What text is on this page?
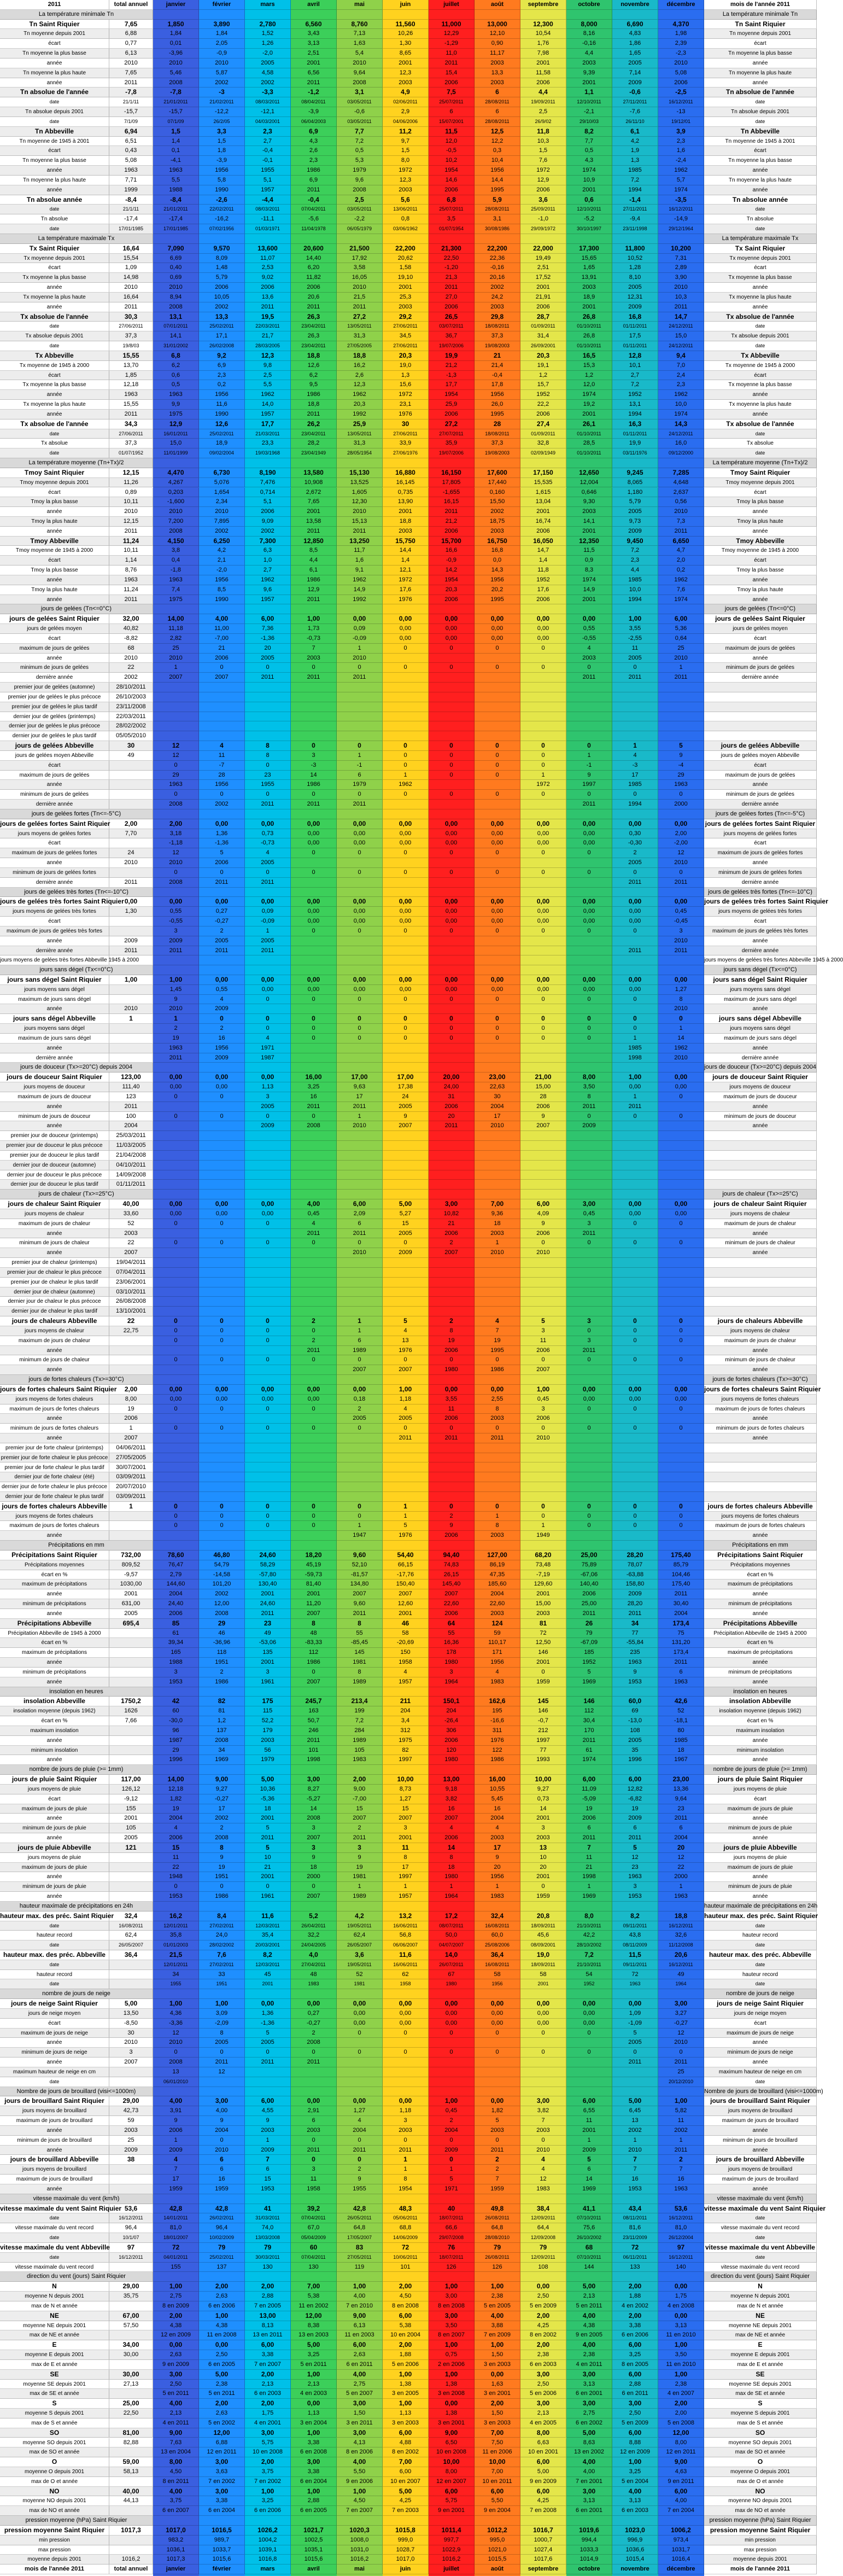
2011	total annuel	janvier	février	mars	avril	mai	juin	juillet	août	septembre	octobre	novembre	décembre	mois de l'année 2011
La température minimale Tn	La température minimale Tn
Tn Saint Riquier	7,65	1,850	3,890	2,780	6,560	8,760	11,560	11,000	13,000	12,300	8,000	6,690	4,370	Tn Saint Riquier
Tn moyenne depuis 2001	6,88	1,84	1,84	1,52	3,43	7,13	10,26	12,29	12,10	10,54	8,16	4,83	1,98	Tn moyenne depuis 2001
écart	0,77	0,01	2,05	1,26	3,13	1,63	1,30	-1,29	0,90	1,76	-0,16	1,86	2,39	écart
Tn moyenne la plus basse	6,13	-3,96	-0,9	-2,0	2,51	5,4	8,65	11,0	11,17	7,98	4,4	1,65	-2,3	Tn moyenne la plus basse
année	2010	2010	2010	2005	2001	2010	2001	2011	2003	2001	2003	2005	2010	année
Tn moyenne la plus haute	7,65	5,46	5,87	4,58	6,56	9,64	12,3	15,4	13,3	11,58	9,39	7,14	5,08	Tn moyenne la plus haute
année	2011	2008	2002	2002	2011	2008	2003	2006	2003	2006	2001	2009	2006	année
Tn absolue de l'année	-7,8	-7,8	-3	-3,3	-1,2	3,1	4,9	7,5	6	4,4	1,1	-0,6	-2,5	Tn absolue de l'année
date	21/1/11	21/01/2011	21/02/2011	08/03/2011	08/04/2011	03/05/2011	02/06/2011	25/07/2011	28/08/2011	19/09/2011	12/10/2011	27/11/2011	16/12/2011	date
Tn absolue depuis 2001	-15,7	-15,7	-12,2	-12,1	-3,9	-0,6	2,9	6	6	2,5	-2,1	-7,6	-13	Tn absolue depuis 2001
date	7/1/09	07/1/09	26/2/05	04/03/2001	06/04/2003	03/05/2011	04/06/2006	15/07/2001	28/08/2011	26/9/02	29/10/03	26/11/10	19/12/01	date
Tn Abbeville	6,94	1,5	3,3	2,3	6,9	7,7	11,2	11,5	12,5	11,8	8,2	6,1	3,9	Tn Abbeville
Tn moyenne de 1945 à 2001	6,51	1,4	1,5	2,7	4,3	7,2	9,7	12,0	12,2	10,3	7,7	4,2	2,3	Tn moyenne de 1945 à 2001
écart	0,43	0,1	1,8	-0,4	2,6	0,5	1,5	-0,5	0,3	1,5	0,5	1,9	1,6	écart
Tn moyenne la plus basse	5,08	-4,1	-3,9	-0,1	2,3	5,3	8,0	10,2	10,4	7,6	4,3	1,3	-2,4	Tn moyenne la plus basse
année	1963	1963	1956	1955	1986	1979	1972	1954	1956	1972	1974	1985	1962	année
Tn moyenne la plus haute	7,71	5,5	5,8	5,1	6,9	9,6	12,3	14,6	14,4	12,9	10,9	7,2	5,7	Tn moyenne la plus haute
année	1999	1988	1990	1957	2011	2008	2003	2006	1995	2006	2001	1994	1974	année
Tn absolue année	-8,4	-8,4	-2,6	-4,4	-0,4	2,5	5,6	6,8	5,9	3,6	0,6	-1,4	-3,5	Tn absolue année
date	21/1/11	21/01/2011	22/02/2011	08/03/2011	07/04/2011	03/05/2011	13/06/2011	25/07/2011	28/08/2011	25/09/2011	12/10/2011	27/11/2011	16/12/2011	date
Tn absolue	-17,4	-17,4	-16,2	-11,1	-5,6	-2,2	0,8	3,5	3,1	-1,0	-5,2	-9,4	-14,9	Tn absolue
date	17/01/1985	17/01/1985	07/02/1956	01/03/1971	11/04/1978	06/05/1979	03/06/1962	01/07/1954	30/08/1986	29/09/1972	30/10/1997	23/11/1998	29/12/1964	date
La température maximale Tx	La température maximale Tx
Tx Saint Riquier	16,64	7,090	9,570	13,600	20,600	21,500	22,200	21,300	22,200	22,000	17,300	11,800	10,200	Tx Saint Riquier
Tx moyenne depuis 2001	15,54	6,69	8,09	11,07	14,40	17,92	20,62	22,50	22,36	19,49	15,65	10,52	7,31	Tx moyenne depuis 2001
écart	1,09	0,40	1,48	2,53	6,20	3,58	1,58	-1,20	-0,16	2,51	1,65	1,28	2,89	écart
Tx moyenne la plus basse	14,98	0,69	5,79	9,02	11,82	16,05	19,10	21,3	20,16	17,52	13,91	8,10	3,90	Tx moyenne la plus basse
année	2010	2010	2006	2006	2006	2010	2001	2011	2002	2001	2003	2005	2010	année
Tx moyenne la plus haute	16,64	8,94	10,05	13,6	20,6	21,5	25,3	27,0	24,2	21,91	18,9	12,31	10,3	Tx moyenne la plus haute
année	2011	2008	2002	2011	2011	2011	2003	2006	2003	2006	2001	2009	2011	année
Tx absolue de l'année	30,3	13,1	13,3	19,5	26,3	27,2	29,2	26,5	29,8	28,7	26,8	16,8	14,7	Tx absolue de l'année
date	27/06/2011	07/01/2011	25/02/2011	22/03/2011	23/04/2011	13/05/2011	27/06/2011	03/07/2011	18/08/2011	01/09/2011	01/10/2011	01/11/2011	24/12/2011	date
Tx absolue depuis 2001	37,3	14,1	17,1	21,7	26,3	31,3	34,5	36,7	37,3	31,4	26,8	17,5	15,0	Tx absolue depuis 2001
date	19/8/03	31/01/2002	26/02/2008	28/03/2005	23/04/2011	27/05/2005	27/06/2011	19/07/2006	19/08/2003	26/09/2001	01/10/2011	01/11/2011	24/12/2011	date
Tx Abbeville	15,55	6,8	9,2	12,3	18,8	18,8	20,3	19,9	21	20,3	16,5	12,8	9,4	Tx Abbeville
Tx moyenne de 1945 à 2000	13,70	6,2	6,9	9,8	12,6	16,2	19,0	21,2	21,4	19,1	15,3	10,1	7,0	Tx moyenne de 1945 à 2000
écart	1,85	0,6	2,3	2,5	6,2	2,6	1,3	-1,3	-0,4	1,2	1,2	2,7	2,4	écart
Tx moyenne la plus basse	12,18	0,5	0,2	5,5	9,5	12,3	15,6	17,7	17,8	15,7	12,0	7,2	2,3	Tx moyenne la plus basse
année	1963	1963	1956	1962	1986	1962	1972	1954	1956	1952	1974	1952	1962	année
Tx moyenne la plus haute	15,55	9,9	11,6	14,0	18,8	20,3	23,1	25,9	26,0	22,2	19,2	13,1	10,0	Tx moyenne la plus haute
année	2011	1975	1990	1957	2011	1992	1976	2006	1995	2006	2001	1994	1974	année
Tx absolue de l'année	34,3	12,9	12,6	17,7	26,2	25,9	30	27,2	28	27,4	26,1	16,3	14,3	Tx absolue de l'année
date	27/06/2011	16/01/2011	25/02/2011	21/03/2011	23/04/2011	13/05/2011	27/06/2011	27/07/2011	18/08/2011	01/09/2011	01/10/2011	01/11/2011	24/12/2011	date
Tx absolue	37,3	15,0	18,9	23,3	28,2	31,3	33,9	35,9	37,3	32,8	28,5	19,9	16,0	Tx absolue
date	01/07/1952	11/01/1999	09/02/2004	19/03/1968	23/04/1949	28/05/1954	27/06/1976	19/07/2006	19/08/2003	02/09/1949	01/10/2011	03/11/1976	09/12/2000	date
La température moyenne (Tn+Tx)/2	La température moyenne (Tn+Tx)/2
Tmoy Saint Riquier	12,15	4,470	6,730	8,190	13,580	15,130	16,880	16,150	17,600	17,150	12,650	9,245	7,285	Tmoy Saint Riquier
Tmoy moyenne depuis 2001	11,26	4,267	5,076	7,476	10,908	13,525	16,145	17,805	17,440	15,535	12,004	8,065	4,648	Tmoy moyenne depuis 2001
écart	0,89	0,203	1,654	0,714	2,672	1,605	0,735	-1,655	0,160	1,615	0,646	1,180	2,637	écart
Tmoy la plus basse	10,11	-1,600	2,34	5,1	7,65	12,30	13,90	16,15	15,50	13,04	9,30	5,79	0,56	Tmoy la plus basse
année	2010	2010	2010	2006	2001	2010	2001	2011	2002	2001	2003	2005	2010	année
Tmoy la plus haute	12,15	7,200	7,895	9,09	13,58	15,13	18,8	21,2	18,75	16,74	14,1	9,73	7,3	Tmoy la plus haute
année	2011	2008	2002	2002	2011	2011	2003	2006	2003	2006	2001	2009	2011	année
Tmoy Abbeville	11,24	4,150	6,250	7,300	12,850	13,250	15,750	15,700	16,750	16,050	12,350	9,450	6,650	Tmoy Abbeville
Tmoy moyenne de 1945 à 2000	10,11	3,8	4,2	6,3	8,5	11,7	14,4	16,6	16,8	14,7	11,5	7,2	4,7	Tmoy moyenne de 1945 à 2000
écart	1,14	0,4	2,1	1,0	4,4	1,6	1,4	-0,9	0,0	1,4	0,9	2,3	2,0	écart
Tmoy la plus basse	8,76	-1,8	-2,0	2,7	6,1	9,1	12,1	14,2	14,3	11,8	8,3	4,4	0,2	Tmoy la plus basse
année	1963	1963	1956	1962	1986	1962	1972	1954	1956	1952	1974	1985	1962	année
Tmoy la plus haute	11,24	7,4	8,5	9,6	12,9	14,9	17,6	20,3	20,2	17,6	14,9	10,0	7,6	Tmoy la plus haute
année	2011	1975	1990	1957	2011	1992	1976	2006	1995	2006	2001	1994	1974	année
jours de gelées (Tn<=0°C)	jours de gelées (Tn<=0°C)
jours de gelées Saint Riquier	32,00	14,00	4,00	6,00	1,00	0,00	0,00	0,00	0,00	0,00	0,00	1,00	6,00	jours de gelées Saint Riquier
jours de gelées moyen	40,82	11,18	11,00	7,36	1,73	0,09	0,00	0,00	0,00	0,00	0,55	3,55	5,36	jours de gelées moyen
écart	-8,82	2,82	-7,00	-1,36	-0,73	-0,09	0,00	0,00	0,00	0,00	-0,55	-2,55	0,64	écart
maximum de jours de gelées	68	25	21	20	7	1	0	0	0	0	4	11	25	maximum de jours de gelées
année	2010	2010	2006	2005	2003	2010	2003	2005	2010	année
minimum de jours de gelées	22	1	0	0	0	0	0	0	0	0	0	0	1	minimum de jours de gelées
dernière année	2002	2007	2007	2011	2011	2011	2011	2011	2011	dernière année
premier jour de gelées (automne)	28/10/2011
premier jour de gelées le plus précoce	26/10/2003
premier jour de gelées le plus tardif	23/11/2008
dernier jour de gelées (printemps)	22/03/2011
dernier jour de gelées le plus précoce	28/02/2002
dernier jour de gelées le plus tardif	05/05/2010
jours de gelées Abbeville	30	12	4	8	0	0	0	0	0	0	0	1	5	jours de gelées Abbeville
jours de gelées moyen Abbeville	49	12	11	8	3	1	0	0	0	0	1	4	9	jours de gelées moyen Abbeville
écart	0	-7	0	-3	-1	0	0	0	0	-1	-3	-4	écart
maximum de jours de gelées	29	28	23	14	6	1	0	0	1	9	17	29	maximum de jours de gelées
année	1963	1956	1955	1986	1979	1962	1972	1997	1985	1963	année
minimum de jours de gelées	0	0	0	0	0	0	0	0	0	0	0	0	minimum de jours de gelées
dernière année	2008	2002	2011	2011	2011	2011	1994	2000	dernière année
jours de gelées fortes (Tn<=-5°C)	jours de gelées fortes (Tn<=-5°C)
jours de gelées fortes Saint Riquier	2,00	2,00	0,00	0,00	0,00	0,00	0,00	0,00	0,00	0,00	0,00	0,00	0,00	jours de gelées fortes Saint Riquier
jours moyens de gelées fortes	7,70	3,18	1,36	0,73	0,00	0,00	0,00	0,00	0,00	0,00	0,00	0,30	2,00	jours moyens de gelées fortes
écart	-1,18	-1,36	-0,73	0,00	0,00	0,00	0,00	0,00	0,00	0,00	-0,30	-2,00	écart
maximum de jours de gelées fortes	24	12	5	4	0	0	0	0	0	0	0	2	12	maximum de jours de gelées fortes
année	2010	2010	2006	2005	2005	2010	année
minimum de jours de gelées fortes	0	0	0	0	0	0	0	0	0	0	0	0	minimum de jours de gelées fortes
dernière année	2011	2008	2011	2011	2011	2011	dernière année
jours de gelées très fortes (Tn<=-10°C)	jours de gelées très fortes (Tn<=-10°C)
jours de gelées très fortes Saint Riquier 0,00	0,00	0,00	0,00	0,00	0,00	0,00	0,00	0,00	0,00	0,00	0,00	0,00	jours de gelées très fortes Saint Riquier
jours moyens de gelées très fortes	1,30	0,55	0,27	0,09	0,00	0,00	0,00	0,00	0,00	0,00	0,00	0,00	0,45	jours moyens de gelées très fortes
écart	-0,55	-0,27	-0,09	0,00	0,00	0,00	0,00	0,00	0,00	0,00	0,00	-0,45	écart
maximum de jours de gelées très fortes	3	2	1	0	0	0	0	0	0	0	0	3	maximum de jours de gelées très fortes
année	2009	2009	2005	2005	2010	année
dernière année	2011	2011	2011	2011	2011	2011	dernière année
jours moyens de gelées très fortes Abbeville 1945 à 2000	jours moyens de gelées très fortes Abbeville 1945 à 2000
jours sans dégel (Tx<=0°C)	jours sans dégel (Tx<=0°C)
jours sans dégel Saint Riquier	1,00	1,00	0,00	0,00	0,00	0,00	0,00	0,00	0,00	0,00	0,00	0,00	0,00	jours sans dégel Saint Riquier
jours moyens sans dégel	1,45	0,55	0,00	0,00	0,00	0,00	0,00	0,00	0,00	0,00	0,00	1,27	jours moyens sans dégel
maximum de jours sans dégel	9	4	0	0	0	0	0	0	0	0	0	8	maximum de jours sans dégel
année	2010	2010	2009	2010	année
jours sans dégel Abbeville	1	1	0	0	0	0	0	0	0	0	0	0	0	jours sans dégel Abbeville
jours moyens sans dégel	2	2	0	0	0	0	0	0	0	0	0	1	jours moyens sans dégel
maximum de jours sans dégel	19	16	4	0	0	0	0	0	0	0	1	14	maximum de jours sans dégel
année	1963	1956	1971	1985	1962	année
dernière année	2011	2009	1987	1998	2010	dernière année
jours de douceur (Tx>=20°C) depuis 2004	jours de douceur (Tx>=20°C) depuis 2004
jours de douceur Saint Riquier	123,00	0,00	0,00	0,00	16,00	17,00	17,00	20,00	23,00	21,00	8,00	1,00	0,00	jours de douceur Saint Riquier
jours moyens de douceur	111,40	0,00	0,00	1,13	3,25	9,63	17,38	24,00	22,63	15,00	3,50	0,00	0,00	jours moyens de douceur
maximum de jours de douceur	123	0	0	3	16	17	24	31	30	28	8	1	0	maximum de jours de douceur
année	2011	2005	2011	2011	2005	2006	2004	2006	2011	2011	année
minimum de jours de douceur	100	0	0	0	0	1	9	20	17	9	0	0	0	minimum de jours de douceur
année	2004	2009	2008	2010	2007	2011	2010	2007	2009	année
premier jour de douceur (printemps)	25/03/2011
premier jour de douceur le plus précoce	11/03/2005
premier jour de douceur le plus tardif	21/04/2008
dernier jour de douceur (automne)	04/10/2011
dernier jour de douceur le plus précoce	14/09/2008
dernier jour de douceur le plus tardif	01/11/2011
jours de chaleur (Tx>=25°C)	jours de chaleur (Tx>=25°C)
jours de chaleur Saint Riquier	40,00	0,00	0,00	0,00	4,00	6,00	5,00	3,00	7,00	6,00	3,00	0,00	0,00	jours de chaleur Saint Riquier
jours moyens de chaleur	33,60	0,00	0,00	0,00	0,45	2,09	5,27	10,82	9,36	4,09	0,45	0,00	0,00	jours moyens de chaleur
maximum de jours de chaleur	52	0	0	0	4	6	15	21	18	9	3	0	0	maximum de jours de chaleur
année	2003	2011	2011	2005	2006	2003	2006	2011	année
minimum de jours de chaleur	22	0	0	0	0	0	0	2	1	0	0	0	0	minimum de jours de chaleur
année	2007	2010	2009	2007	2010	2010	année
premier jour de chaleur (printemps)	19/04/2011
premier jour de chaleur le plus précoce	07/04/2011
premier jour de chaleur le plus tardif	23/06/2001
dernier jour de chaleur (automne)	03/10/2011
dernier jour de chaleur le plus précoce	26/08/2008
dernier jour de chaleur le plus tardif	13/10/2001
jours de chaleurs Abbeville	22	0	0	0	2	1	5	2	4	5	3	0	0	jours de chaleurs Abbeville
jours moyens de chaleur	22,75	0	0	0	0	1	4	8	7	3	0	0	0	jours moyens de chaleur
maximum de jours de chaleur	0	0	0	2	6	13	19	19	11	3	0	0	maximum de jours de chaleur
année	2011	1989	1976	2006	1995	2006	2011	année
minimum de jours de chaleur	0	0	0	0	0	0	0	0	0	0	0	0	minimum de jours de chaleur
année	2007	2007	1980	1986	2007	année
jours de fortes chaleurs (Tx>=30°C)	jours de fortes chaleurs (Tx>=30°C)
jours de fortes chaleurs Saint Riquier	2,00	0,00	0,00	0,00	0,00	0,00	1,00	0,00	0,00	1,00	0,00	0,00	0,00	jours de fortes chaleurs Saint Riquier
jours moyens de fortes chaleurs	8,00	0,00	0,00	0,00	0,00	0,18	1,18	3,55	2,55	0,45	0,00	0,00	0,00	jours moyens de fortes chaleurs
maximum de jours de fortes chaleurs	19	0	0	0	0	2	4	11	8	3	0	0	0	maximum de jours de fortes chaleurs
année	2006	2005	2005	2006	2003	2006	année
minimum de jours de fortes chaleurs	1	0	0	0	0	0	0	0	0	0	0	0	0	minimum de jours de fortes chaleurs
année	2007	2011	2011	2011	2010	année
premier jour de forte chaleur (printemps)	04/06/2011
premier jour de forte chaleur le plus précoce	27/05/2005
premier jour de forte chaleur le plus tardif	30/07/2001
dernier jour de forte chaleur (été)	03/09/2011
dernier jour de forte chaleur le plus précoce	20/07/2010
dernier jour de forte chaleur le plus tardif	03/09/2011
jours de fortes chaleurs Abbeville	1	0	0	0	0	0	1	0	0	0	0	0	0	jours de fortes chaleurs Abbeville
jours moyens de fortes chaleurs	0	0	0	0	0	1	2	1	0	0	0	0	jours moyens de fortes chaleurs
maximum de jours de fortes chaleurs	0	0	0	0	1	5	9	8	1	0	0	0	maximum de jours de fortes chaleurs
année	1947	1976	2006	2003	1949	année
Précipitations en mm	Précipitations en mm
Précipitations Saint Riquier	732,00	78,60	46,80	24,60	18,20	9,60	54,40	94,40	127,00	68,20	25,00	28,20	175,40	Précipitations Saint Riquier
Précipitations moyennes	809,52	76,47	54,79	58,29	45,19	52,10	66,15	74,83	86,19	73,48	75,89	78,07	85,79	Précipitations moyennes
écart en %	-9,57	2,79	-14,58	-57,80	-59,73	-81,57	-17,76	26,15	47,35	-7,19	-67,06	-63,88	104,46	écart en %
maximum de précipitations	1030,00	144,60	101,20	130,40	81,40	134,80	150,40	145,40	185,60	129,60	140,40	158,80	175,40	maximum de précipitations
année	2001	2004	2002	2001	2001	2007	2007	2007	2004	2001	2006	2009	2011	année
minimum de précipitations	631,00	24,40	12,00	24,60	11,20	9,60	12,60	22,60	22,60	15,00	25,00	28,20	30,40	minimum de précipitations
année	2005	2006	2008	2011	2007	2011	2001	2006	2003	2003	2011	2011	2004	année
Précipitations Abbeville	695,4	85	29	23	8	8	46	64	124	81	26	34	173,4	Précipitations Abbeville
Précipitation Abbeville de 1945 à 2000	61	46	49	48	55	58	55	59	72	79	77	75	Précipitation Abbeville de 1945 à 2000
écart en %	39,34	-36,96	-53,06	-83,33	-85,45	-20,69	16,36	110,17	12,50	-67,09	-55,84	131,20	écart en %
maximum de précipitations	165	118	135	112	145	150	178	171	146	185	235	173,4	maximum de précipitations
année	1988	1951	2001	1986	1981	1958	1980	1956	2001	1952	1963	2011	année
minimum de précipitations	3	2	3	0	8	4	3	4	0	5	9	6	minimum de précipitations
année	1953	1986	1961	2007	1989	1957	1964	1983	1959	1969	1953	1963	année
insolation en heures	insolation en heures
insolation Abbeville	1750,2	42	82	175	245,7	213,4	211	150,1	162,6	145	146	60,0	42,6	insolation Abbeville
insolation moyenne (depuis 1962)	1626	60	81	115	163	199	204	204	195	146	112	69	52	insolation moyenne (depuis 1962)
écart en %	7,66	-30,0	1,2	52,2	50,7	7,2	3,4	-26,4	-16,6	-0,7	30,4	-13,0	-18,1	écart en %
maximum insolation	96	137	179	246	284	312	306	311	212	170	108	80	maximum insolation
année	1987	2008	2003	2011	1989	1975	2006	1976	1997	2011	2005	1985	année
minimum insolation	29	34	56	101	105	82	120	122	77	61	35	18	minimum insolation
année	1996	1969	1979	1998	1983	1997	1980	1986	1993	1974	1996	1967	année
nombre de jours de pluie (>= 1mm)	nombre de jours de pluie (>= 1mm)
jours de pluie Saint Riquier	117,00	14,00	9,00	5,00	3,00	2,00	10,00	13,00	16,00	10,00	6,00	6,00	23,00	jours de pluie Saint Riquier
jours moyens de pluie	126,12	12,18	9,27	10,36	8,27	9,00	8,73	9,18	10,55	9,27	11,09	12,82	13,36	jours moyens de pluie
écart	-9,12	1,82	-0,27	-5,36	-5,27	-7,00	1,27	3,82	5,45	0,73	-5,09	-6,82	9,64	écart
maximum de jours de pluie	155	19	17	18	14	15	15	16	16	14	19	19	23	maximum de jours de pluie
année	2001	2004	2002	2001	2008	2007	2007	2007	2004	2001	2006	2009	2011	année
minimum de jours de pluie	105	4	2	5	3	2	3	4	4	3	6	6	6	minimum de jours de pluie
année	2005	2006	2008	2011	2007	2011	2001	2006	2003	2003	2011	2011	2004	année
jours de pluie Abbeville	121	15	8	5	3	3	11	14	17	13	7	5	20	jours de pluie Abbeville
jours moyens de pluie	11	9	10	9	9	8	8	9	10	11	12	12	jours moyens de pluie
maximum de jours de pluie	22	19	21	18	19	17	18	20	20	21	23	22	maximum de jours de pluie
année	1948	1951	2001	2000	1981	1997	1980	1956	2001	1998	1963	2000	année
minimum de jours de pluie	0	0	0	0	1	1	1	1	0	1	3	1	minimum de jours de pluie
année	1953	1986	1961	2007	1989	1957	1964	1983	1959	1969	1953	1963	année
hauteur maximale de précipitations en 24h	hauteur maximale de précipitations en 24h
hauteur max. des préc. Saint Riquier	32,4	16,2	8,4	11,6	5,2	4,2	13,2	17,2	32,4	20,8	8,0	8,2	18,8	hauteur max. des préc. Saint Riquier
date	16/08/2011	12/01/2011	27/02/2011	12/03/2011	26/04/2011	19/05/2011	16/06/2011	08/07/2011	16/08/2011	18/09/2011	21/10/2011	09/11/2011	16/12/2011	date
hauteur record	62,4	35,8	24,0	35,4	32,2	62,4	56,8	50,0	60,0	45,6	42,2	43,8	32,6	hauteur record
date	26/05/2007	01/01/2003	28/02/2002	20/03/2001	24/04/2005	26/05/2007	06/06/2007	04/07/2007	25/08/2006	08/09/2001	28/10/2002	08/11/2009	11/12/2008	date
hauteur max. des préc. Abbeville	36,4	21,5	7,6	8,2	4,0	3,6	11,6	14,0	36,4	19,0	7,2	11,5	20,6	hauteur max. des préc. Abbeville
date	12/01/2011	27/02/2011	12/03/2011	27/04/2011	19/05/2011	16/06/2011	26/07/2011	16/08/2011	18/09/2011	21/10/2011	09/11/2011	16/12/2011	date
hauteur record	34	33	45	48	52	62	67	58	58	54	72	49	hauteur record
date	1955	1951	2001	1983	1981	1958	1980	1956	2001	1952	1963	1964	date
nombre de jours de neige	nombre de jours de neige
jours de neige Saint Riquier	5,00	1,00	1,00	0,00	0,00	0,00	0,00	0,00	0,00	0,00	0,00	0,00	3,00	jours de neige Saint Riquier
jours de neige moyen	13,50	4,36	3,09	1,36	0,27	0,00	0,00	0,00	0,00	0,00	0,00	1,09	3,27	jours de neige moyen
écart	-8,50	-3,36	-2,09	-1,36	-0,27	0,00	0,00	0,00	0,00	0,00	0,00	-1,09	-0,27	écart
maximum de jours de neige	30	12	8	5	2	0	0	0	0	0	0	5	12	maximum de jours de neige
année	2010	2010	2005	2005	2008	2005	2010	année
minimum de jours de neige	3	0	0	0	0	0	0	0	0	0	0	0	0	minimum de jours de neige
année	2007	2008	2011	2011	2011	2011	2011	année
maximum hauteur de neige en cm	13	12	25	maximum hauteur de neige en cm
date	06/01/2010	20/12/2010	date
Nombre de jours de brouillard (visi<=1000m)	Nombre de jours de brouillard (visi<=1000m)
jours de brouillard Saint Riquier	29,00	4,00	3,00	6,00	0,00	0,00	0,00	1,00	0,00	3,00	6,00	5,00	1,00	jours de brouillard Saint Riquier
jours moyens de brouillard	42,73	3,91	4,00	4,55	2,91	1,27	1,18	0,45	1,82	3,82	6,55	6,45	5,82	jours moyens de brouillard
maximum de jours de brouillard	59	9	9	9	6	4	3	2	5	7	11	13	11	maximum de jours de brouillard
année	2003	2006	2004	2003	2003	2004	2003	2004	2003	2003	2001	2002	2002	année
minimum de jours de brouillard	25	1	0	1	0	0	0	0	0	0	1	1	1	minimum de jours de brouillard
année	2009	2009	2010	2009	2011	2011	2011	2009	2011	2010	2009	2010	2011	année
jours de brouillard Abbeville	38	4	6	7	0	0	1	0	2	4	5	7	2	jours de brouillard Abbeville
jours moyens de brouillard	7	6	6	3	2	1	1	2	4	6	7	7	jours moyens de brouillard
maximum de jours de brouillard	17	16	15	11	9	8	5	7	12	14	16	16	maximum de jours de brouillard
année	1959	1959	1953	1958	1955	1954	1971	1959	1983	1969	1953	1963	année
vitesse maximale du vent (km/h)	vitesse maximale du vent (km/h)
vitesse maximale du vent Saint Riquier 53,6	42,8	42,8	41	39,2	42,8	48,3	40	49,8	38,4	41,1	43,4	53,6	vitesse maximale du vent Saint Riquier
date	16/12/2011	14/01/2011	26/02/2011	31/03/2011	07/04/2011	26/05/2011	05/06/2011	18/07/2011	26/08/2011	12/09/2011	07/10/2011	08/11/2011	16/12/2011	date
vitesse maximale du vent record	96,4	81,0	96,4	74,0	67,0	64,8	68,8	66,6	64,8	64,4	75,6	81,6	81,0	vitesse maximale du vent record
date	10/1/07	18/01/2007	10/02/2009	13/03/2008	05/04/2009	17/05/2007	14/06/2009	29/07/2008	28/08/2010	12/09/2008	26/10/2002	23/11/2009	26/12/2004	date
vitesse maximale du vent Abbeville	97	72	79	79	60	83	72	76	79	79	68	72	97	vitesse maximale du vent Abbeville
date	16/12/2011	04/01/2011	25/02/2011	30/03/2011	07/04/2011	27/05/2011	10/06/2011	18/07/2011	26/08/2011	12/09/2011	07/10/2011	06/11/2011	16/12/2011	date
vitesse maximale du vent record	155	137	130	130	119	101	126	126	108	144	133	140	vitesse maximale du vent record
direction du vent (jours) Saint Riquier	direction du vent (jours) Saint Riquier
N	29,00	1,00	2,00	2,00	7,00	1,00	2,00	1,00	1,00	0,00	5,00	2,00	0,00	N
moyenne N depuis 2001	35,75	2,75	2,63	2,88	5,38	4,00	4,50	3,00	2,38	2,50	2,13	1,88	1,75	moyenne N depuis 2001
max de N et année	8 en 2009	6 en 2006	7 en 2005	11 en 2002	7 en 2010	8 en 2008	8 en 2008	5 en 2005	5 en 2009	5 en 2011	4 en 2002	4 en 2008	max de N et année
NE	67,00	2,00	1,00	13,00	12,00	9,00	6,00	3,00	4,00	2,00	4,00	2,00	0,00	NE
moyenne NE depuis 2001	57,50	4,38	4,38	8,13	8,38	6,13	5,38	3,50	3,88	4,25	4,38	3,38	3,13	moyenne NE depuis 2001
max de NE et année	12 en 2009	11 en 2008	13 en 2011	13 en 2003	11 en 2003	10 en 2004	8 en 2007	7 en 2009	8 en 2002	9 en 2005	6 en 2006	11 en 2010	max de NE et année
E	34,00	0,00	0,00	6,00	5,00	6,00	2,00	1,00	1,00	2,00	4,00	6,00	1,00	E
moyenne E depuis 2001	30,00	2,63	2,50	3,38	3,25	2,63	1,88	0,75	1,50	2,38	2,38	3,25	3,50	moyenne E depuis 2001
max de E et année	9 en 2009	6 en 2005	7 en 2007	5 en 2011	6 en 2011	5 en 2006	2 en 2006	3 en 2003	6 en 2003	4 en 2011	8 en 2005	11 en 2010	max de E et année
SE	30,00	3,00	5,00	2,00	1,00	4,00	1,00	1,00	0,00	3,00	3,00	6,00	1,00	SE
moyenne SE depuis 2001	27,13	2,50	2,38	2,13	2,13	2,75	1,38	1,38	1,63	2,50	3,13	2,88	2,38	moyenne SE depuis 2001
max de SE et année	5 en 2011	5 en 2011	6 en 2003	4 en 2003	5 en 2007	3 en 2005	3 en 2008	3 en 2001	5 en 2006	6 en 2001	6 en 2011	4 en 2007	max de SE et année
S	25,00	4,00	2,00	2,00	0,00	3,00	1,00	0,00	2,00	3,00	3,00	3,00	2,00	S
moyenne S depuis 2001	22,50	2,13	2,63	1,75	1,13	1,50	1,13	1,38	1,50	2,13	2,75	2,50	2,00	moyenne S depuis 2001
max de S et année	4 en 2011	5 en 2002	4 en 2001	3 en 2004	3 en 2011	3 en 2003	3 en 2001	3 en 2003	4 en 2005	6 en 2002	5 en 2009	5 en 2008	max de S et année
SO	81,00	9,00	12,00	3,00	1,00	3,00	6,00	9,00	7,00	8,00	5,00	6,00	12,00	SO
moyenne SO depuis 2001	82,88	7,63	6,88	5,75	3,38	4,13	4,88	6,50	7,50	6,63	8,63	8,88	8,00	moyenne SO depuis 2001
max de SO et année	13 en 2004	12 en 2011	10 en 2008	6 en 2008	8 en 2006	8 en 2002	10 en 2008	11 en 2006	10 en 2001	13 en 2002	12 en 2009	12 en 2011	max de SO et année
O	59,00	8,00	3,00	2,00	3,00	4,00	7,00	10,00	10,00	6,00	4,00	1,00	9,00	O
moyenne O depuis 2001	58,13	4,50	3,63	3,75	3,38	5,50	6,00	8,00	7,00	5,00	4,00	3,25	4,63	moyenne O depuis 2001
max de O et année	8 en 2011	7 en 2002	7 en 2002	6 en 2004	9 en 2006	10 en 2007	12 en 2007	10 en 2011	9 en 2009	7 en 2001	5 en 2004	9 en 2011	max de O et année
NO	40,00	4,00	3,00	1,00	1,00	1,00	5,00	6,00	6,00	6,00	3,00	4,00	6,00	NO
moyenne NO depuis 2001	44,13	3,75	3,38	3,25	2,88	4,50	4,25	5,75	5,50	4,25	3,13	3,13	4,00	moyenne NO depuis 2001
max de NO et année	6 en 2007	6 en 2004	6 en 2006	6 en 2005	7 en 2007	7 en 2003	9 en 2001	9 en 2004	7 en 2008	6 en 2001	6 en 2003	7 en 2004	max de NO et année
pression moyenne (hPa) Saint Riquier	pression moyenne (hPa) Saint Riquier
pression moyenne Saint Riquier	1017,3	1017,0	1016,5	1026,2	1021,7	1020,3	1015,8	1011,4	1012,2	1016,7	1019,6	1023,0	1006,2	pression moyenne Saint Riquier
min pression	983,2	989,7	1004,2	1002,5	1008,0	999,0	997,7	995,0	1000,7	994,4	996,9	973,4	min pression
max pression	1036,1	1033,7	1039,1	1035,1	1031,0	1028,7	1022,9	1021,0	1027,4	1033,3	1036,6	1031,7	max pression
moyenne depuis 2001	1016,2	1017,3	1015,6	1016,8	1015,6	1016,2	1017,0	1016,2	1015,5	1017,6	1014,9	1015,4	1016,4	moyenne depuis 2001
mois de l'année 2011	total annuel	janvier	février	mars	avril	mai	juin	juillet	août	septembre	octobre	novembre	décembre	mois de l'année 2011
